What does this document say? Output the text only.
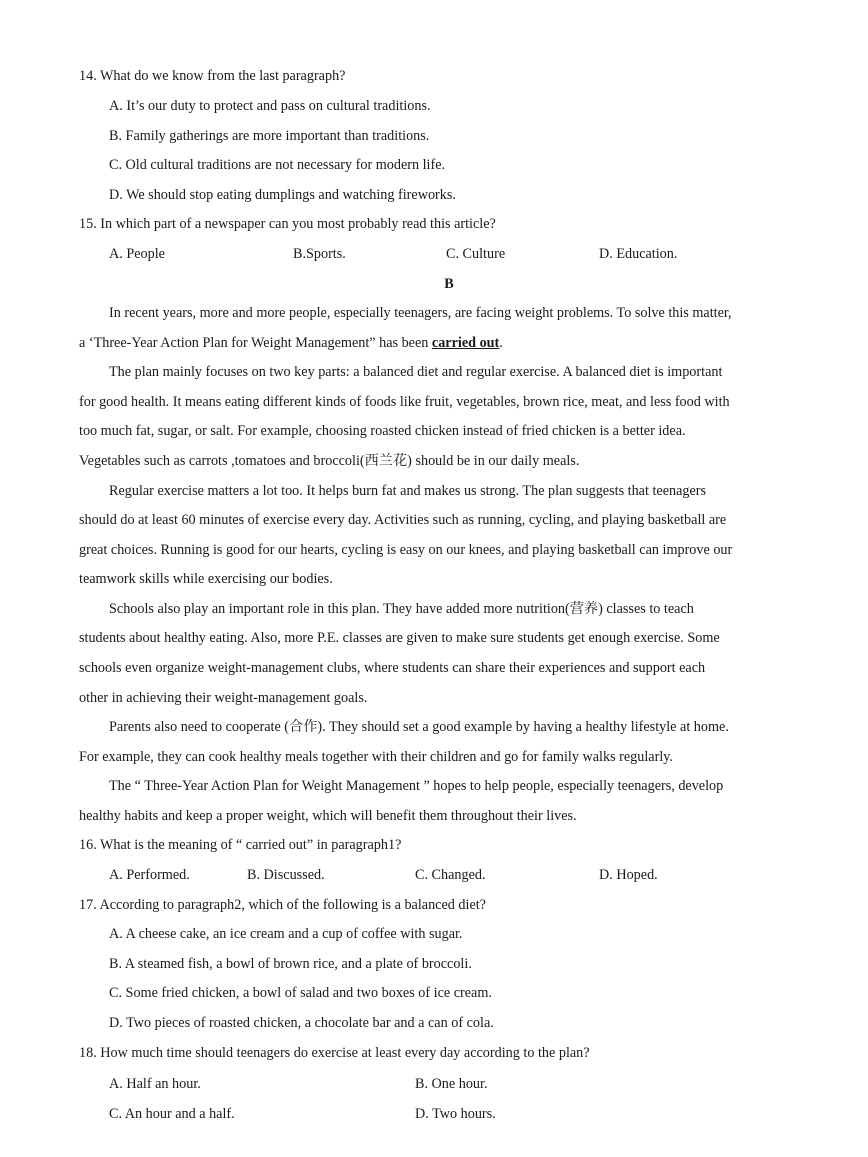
14. What do we know from the last paragraph?
A. It’s our duty to protect and pass on cultural traditions.
B. Family gatherings are more important than traditions.
C. Old cultural traditions are not necessary for modern life.
D. We should stop eating dumplings and watching fireworks.
15. In which part of a newspaper can you most probably read this article?
A. People	B.Sports.	C. Culture	D. Education.
B
In recent years, more and more people, especially teenagers, are facing weight problems. To solve this matter,
a ‘Three-Year Action Plan for Weight Management” has been carried out.
The plan mainly focuses on two key parts: a balanced diet and regular exercise. A balanced diet is important
for good health. It means eating different kinds of foods like fruit, vegetables, brown rice, meat, and less food with
too much fat, sugar, or salt. For example, choosing roasted chicken instead of fried chicken is a better idea.
Vegetables such as carrots ,tomatoes and broccoli(西兰花) should be in our daily meals.
Regular exercise matters a lot too. It helps burn fat and makes us strong. The plan suggests that teenagers
should do at least 60 minutes of exercise every day. Activities such as running, cycling, and playing basketball are
great choices. Running is good for our hearts, cycling is easy on our knees, and playing basketball can improve our
teamwork skills while exercising our bodies.
Schools also play an important role in this plan. They have added more nutrition(营养) classes to teach
students about healthy eating. Also, more P.E. classes are given to make sure students get enough exercise. Some
schools even organize weight-management clubs, where students can share their experiences and support each
other in achieving their weight-management goals.
Parents also need to cooperate (合作). They should set a good example by having a healthy lifestyle at home.
For example, they can cook healthy meals together with their children and go for family walks regularly.
The “ Three-Year Action Plan for Weight Management ” hopes to help people, especially teenagers, develop
healthy habits and keep a proper weight, which will benefit them throughout their lives.
16. What is the meaning of “ carried out” in paragraph1?
A. Performed.	B. Discussed.	C. Changed.	D. Hoped.
17. According to paragraph2, which of the following is a balanced diet?
A. A cheese cake, an ice cream and a cup of coffee with sugar.
B. A steamed fish, a bowl of brown rice, and a plate of broccoli.
C. Some fried chicken, a bowl of salad and two boxes of ice cream.
D. Two pieces of roasted chicken, a chocolate bar and a can of cola.
18. How much time should teenagers do exercise at least every day according to the plan?
A. Half an hour.	B. One hour.
C. An hour and a half.	D. Two hours.
